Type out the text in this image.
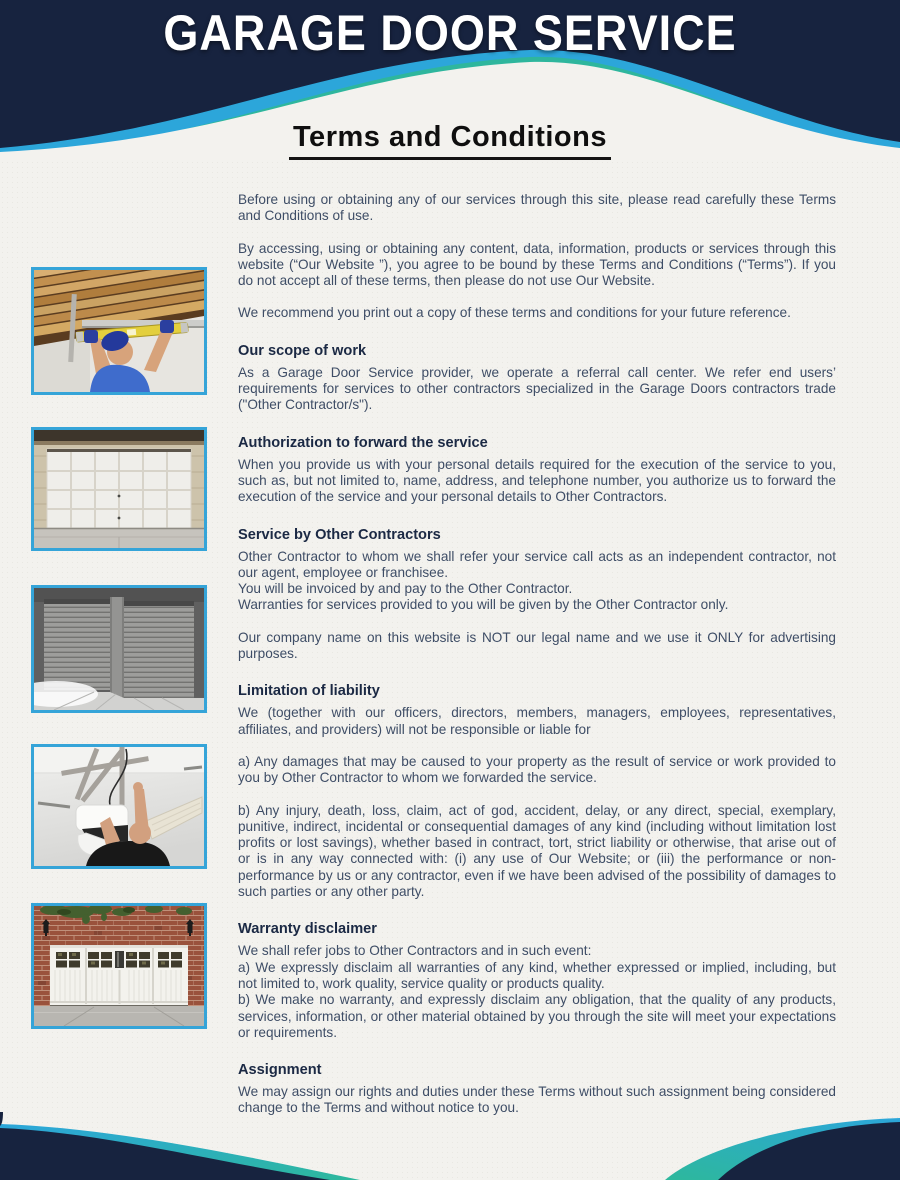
GARAGE DOOR SERVICE
Terms and Conditions

Before using or obtaining any of our services through this site, please read carefully these Terms and Conditions of use.

By accessing, using or obtaining any content, data, information, products or services through this website (“Our Website ”), you agree to be bound by these Terms and Conditions (“Terms”). If you do not accept all of these terms, then please do not use Our Website.

We recommend you print out a copy of these terms and conditions for your future reference.

Our scope of work

As a Garage Door Service provider, we operate a referral call center. We refer end users’ requirements for services to other contractors specialized in the Garage Doors contractors trade ("Other Contractor/s").

Authorization to forward the service

When you provide us with your personal details required for the execution of the service to you, such as, but not limited to, name, address, and telephone number, you authorize us to forward the execution of the service and your personal details to Other Contractors.

Service by Other Contractors

Other Contractor to whom we shall refer your service call acts as an independent contractor, not our agent, employee or franchisee.

You will be invoiced by and pay to the Other Contractor.

Warranties for services provided to you will be given by the Other Contractor only.

Our company name on this website is NOT our legal name and we use it ONLY for advertising purposes.

Limitation of liability

We (together with our officers, directors, members, managers, employees, representatives, affiliates, and providers) will not be responsible or liable for

a) Any damages that may be caused to your property as the result of service or work provided to you by Other Contractor to whom we forwarded the service.

b) Any injury, death, loss, claim, act of god, accident, delay, or any direct, special, exemplary, punitive, indirect, incidental or consequential damages of any kind (including without limitation lost profits or lost savings), whether based in contract, tort, strict liability or otherwise, that arise out of or is in any way connected with: (i) any use of Our Website; or (iii) the performance or non-performance by us or any contractor, even if we have been advised of the possibility of damages to such parties or any other party.

Warranty disclaimer

We shall refer jobs to Other Contractors and in such event:

a) We expressly disclaim all warranties of any kind, whether expressed or implied, including, but not limited to, work quality, service quality or products quality.

b) We make no warranty, and expressly disclaim any obligation, that the quality of any products, services, information, or other material obtained by you through the site will meet your expectations or requirements.

Assignment

We may assign our rights and duties under these Terms without such assignment being considered change to the Terms and without notice to you.
